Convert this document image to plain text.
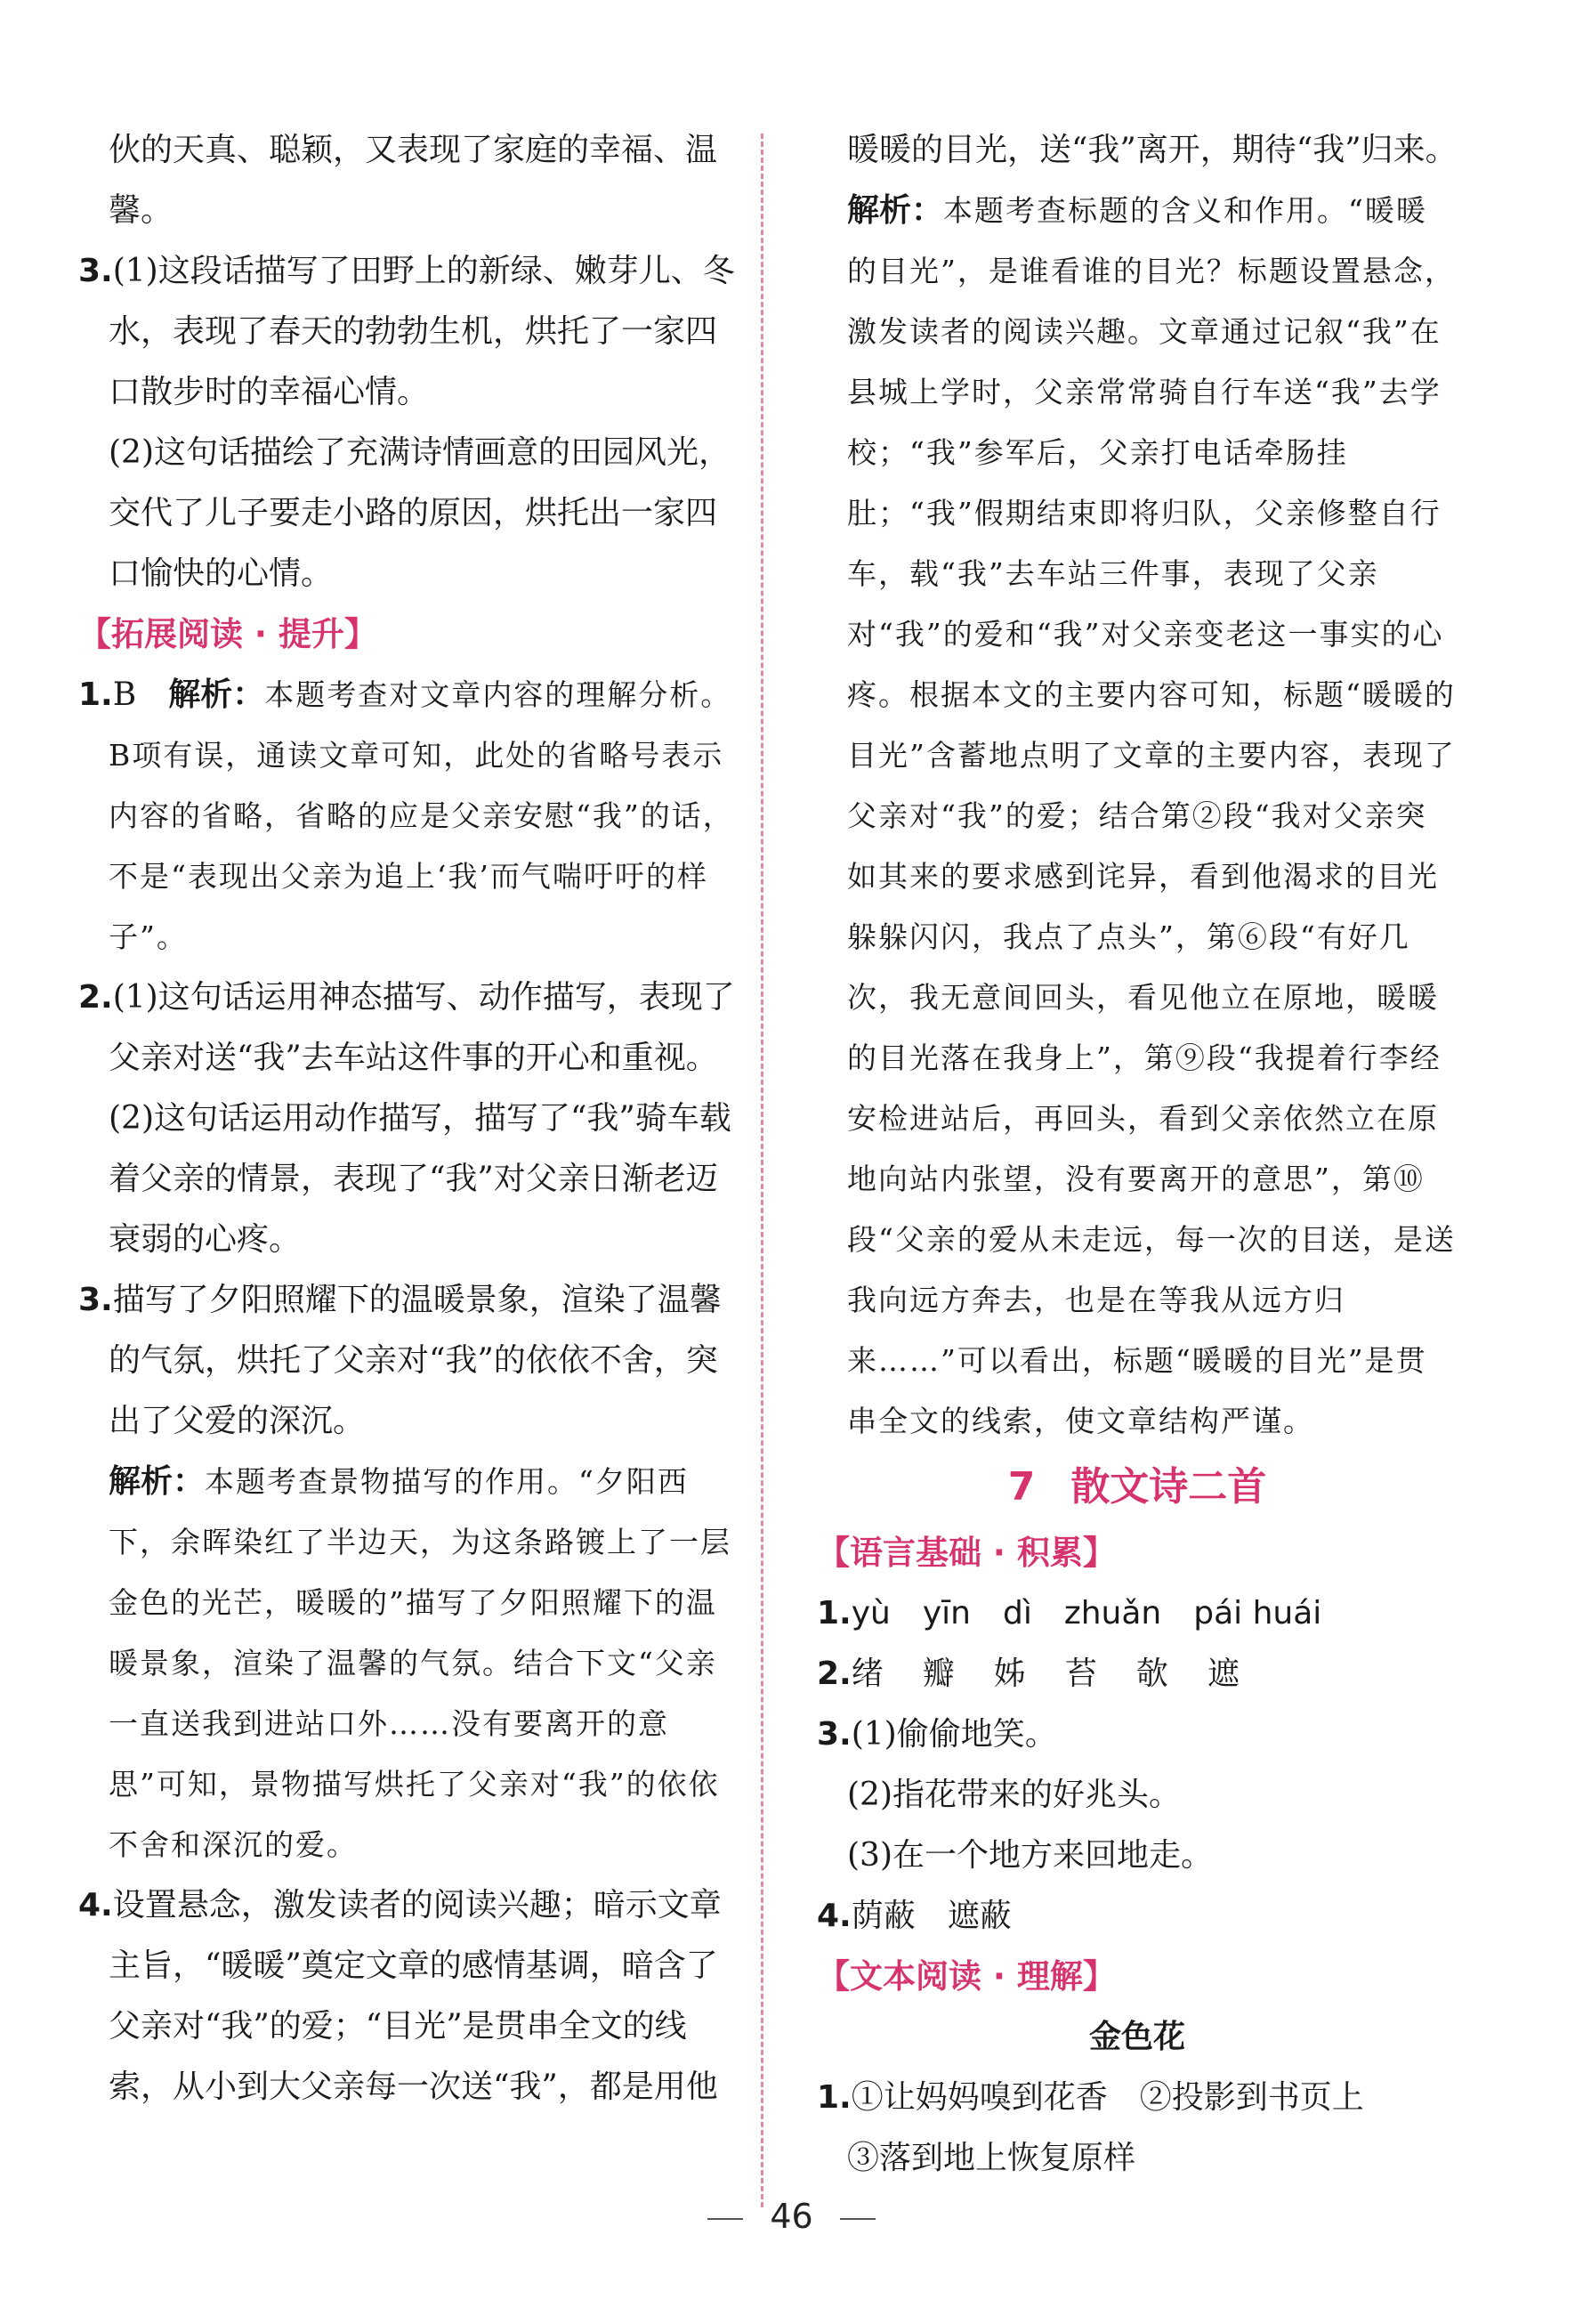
伙的天真、聪颖，又表现了家庭的幸福、温馨。

3.(1)这段话描写了田野上的新绿、嫩芽儿、冬水，表现了春天的勃勃生机，烘托了一家四口散步时的幸福心情。

(2)这句话描绘了充满诗情画意的田园风光，交代了儿子要走小路的原因，烘托出一家四口愉快的心情。

【拓展阅读 · 提升】

1.B　 解析：本题考查对文章内容的理解分析。B项有误，通读文章可知，此处的省略号表示内容的省略，省略的应是父亲安慰“我”的话，不是“表现出父亲为追上‘我’而气喘吁吁的样子”。

2.(1)这句话运用神态描写、动作描写，表现了父亲对送“我”去车站这件事的开心和重视。

(2)这句话运用动作描写，描写了“我”骑车载着父亲的情景，表现了“我”对父亲日渐老迈衰弱的心疼。

3.描写了夕阳照耀下的温暖景象，渲染了温馨的气氛，烘托了父亲对“我”的依依不舍，突出了父爱的深沉。

解析：本题考查景物描写的作用。“夕阳西下，余晖染红了半边天，为这条路镀上了一层金色的光芒，暖暖的”描写了夕阳照耀下的温暖景象，渲染了温馨的气氛。结合下文“父亲一直送我到进站口外……没有要离开的意思”可知，景物描写烘托了父亲对“我”的依依不舍和深沉的爱。

4.设置悬念，激发读者的阅读兴趣；暗示文章主旨，“暖暖”奠定文章的感情基调，暗含了父亲对“我”的爱；“目光”是贯串全文的线索，从小到大父亲每一次送“我”，都是用他

暖暖的目光，送“我”离开，期待“我”归来。

解析：本题考查标题的含义和作用。“暖暖的目光”，是谁看谁的目光？标题设置悬念，激发读者的阅读兴趣。文章通过记叙“我”在县城上学时，父亲常常骑自行车送“我”去学校；“我”参军后，父亲打电话牵肠挂肚；“我”假期结束即将归队，父亲修整自行车，载“我”去车站三件事，表现了父亲对“我”的爱和“我”对父亲变老这一事实的心疼。根据本文的主要内容可知，标题“暖暖的目光”含蓄地点明了文章的主要内容，表现了父亲对“我”的爱；结合第②段“我对父亲突如其来的要求感到诧异，看到他渴求的目光躲躲闪闪，我点了点头”，第⑥段“有好几次，我无意间回头，看见他立在原地，暖暖的目光落在我身上”，第⑨段“我提着行李经安检进站后，再回头，看到父亲依然立在原地向站内张望，没有要离开的意思”，第⑩段“父亲的爱从未走远，每一次的目送，是送我向远方奔去，也是在等我从远方归来……”可以看出，标题“暖暖的目光”是贯串全文的线索，使文章结构严谨。

7 散文诗二首

【语言基础 · 积累】

1.yù yīn dì zhuǎn pái huái

2.绪 瓣 姊 苔 欹 遮

3.(1)偷偷地笑。

(2)指花带来的好兆头。

(3)在一个地方来回地走。

4.荫蔽　遮蔽

【文本阅读 · 理解】

金色花

1.①让妈妈嗅到花香　②投影到书页上

③落到地上恢复原样

46
